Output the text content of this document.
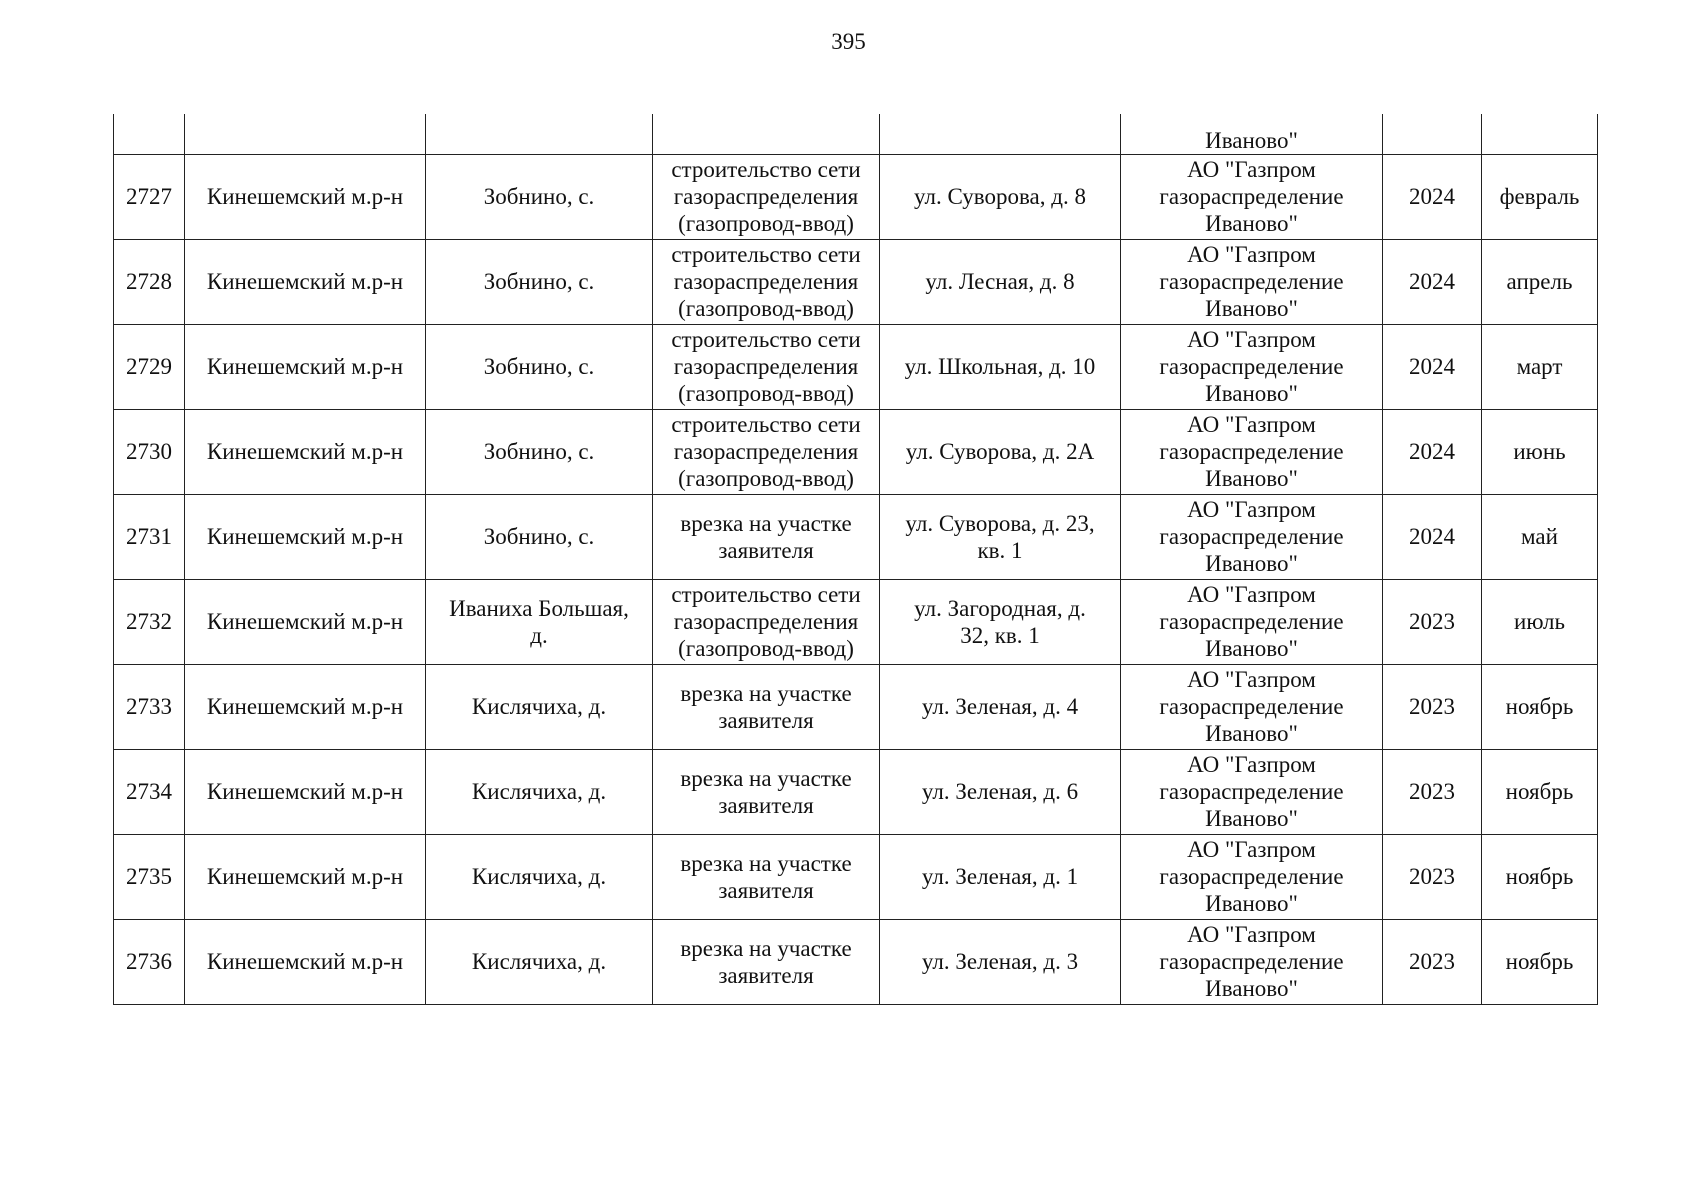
395

					Иваново"		

2727	Кинешемский м.р-н	Зобнино, с.	строительство сети
газораспределения
(газопровод-ввод)	ул. Суворова, д. 8	АО "Газпром
газораспределение
Иваново"	2024	февраль
2728	Кинешемский м.р-н	Зобнино, с.	строительство сети
газораспределения
(газопровод-ввод)	ул. Лесная, д. 8	АО "Газпром
газораспределение
Иваново"	2024	апрель
2729	Кинешемский м.р-н	Зобнино, с.	строительство сети
газораспределения
(газопровод-ввод)	ул. Школьная, д. 10	АО "Газпром
газораспределение
Иваново"	2024	март
2730	Кинешемский м.р-н	Зобнино, с.	строительство сети
газораспределения
(газопровод-ввод)	ул. Суворова, д. 2А	АО "Газпром
газораспределение
Иваново"	2024	июнь
2731	Кинешемский м.р-н	Зобнино, с.	врезка на участке
заявителя	ул. Суворова, д. 23,
кв. 1	АО "Газпром
газораспределение
Иваново"	2024	май
2732	Кинешемский м.р-н	Иваниха Большая,
д.	строительство сети
газораспределения
(газопровод-ввод)	ул. Загородная, д.
32, кв. 1	АО "Газпром
газораспределение
Иваново"	2023	июль
2733	Кинешемский м.р-н	Кислячиха, д.	врезка на участке
заявителя	ул. Зеленая, д. 4	АО "Газпром
газораспределение
Иваново"	2023	ноябрь
2734	Кинешемский м.р-н	Кислячиха, д.	врезка на участке
заявителя	ул. Зеленая, д. 6	АО "Газпром
газораспределение
Иваново"	2023	ноябрь
2735	Кинешемский м.р-н	Кислячиха, д.	врезка на участке
заявителя	ул. Зеленая, д. 1	АО "Газпром
газораспределение
Иваново"	2023	ноябрь
2736	Кинешемский м.р-н	Кислячиха, д.	врезка на участке
заявителя	ул. Зеленая, д. 3	АО "Газпром
газораспределение
Иваново"	2023	ноябрь
